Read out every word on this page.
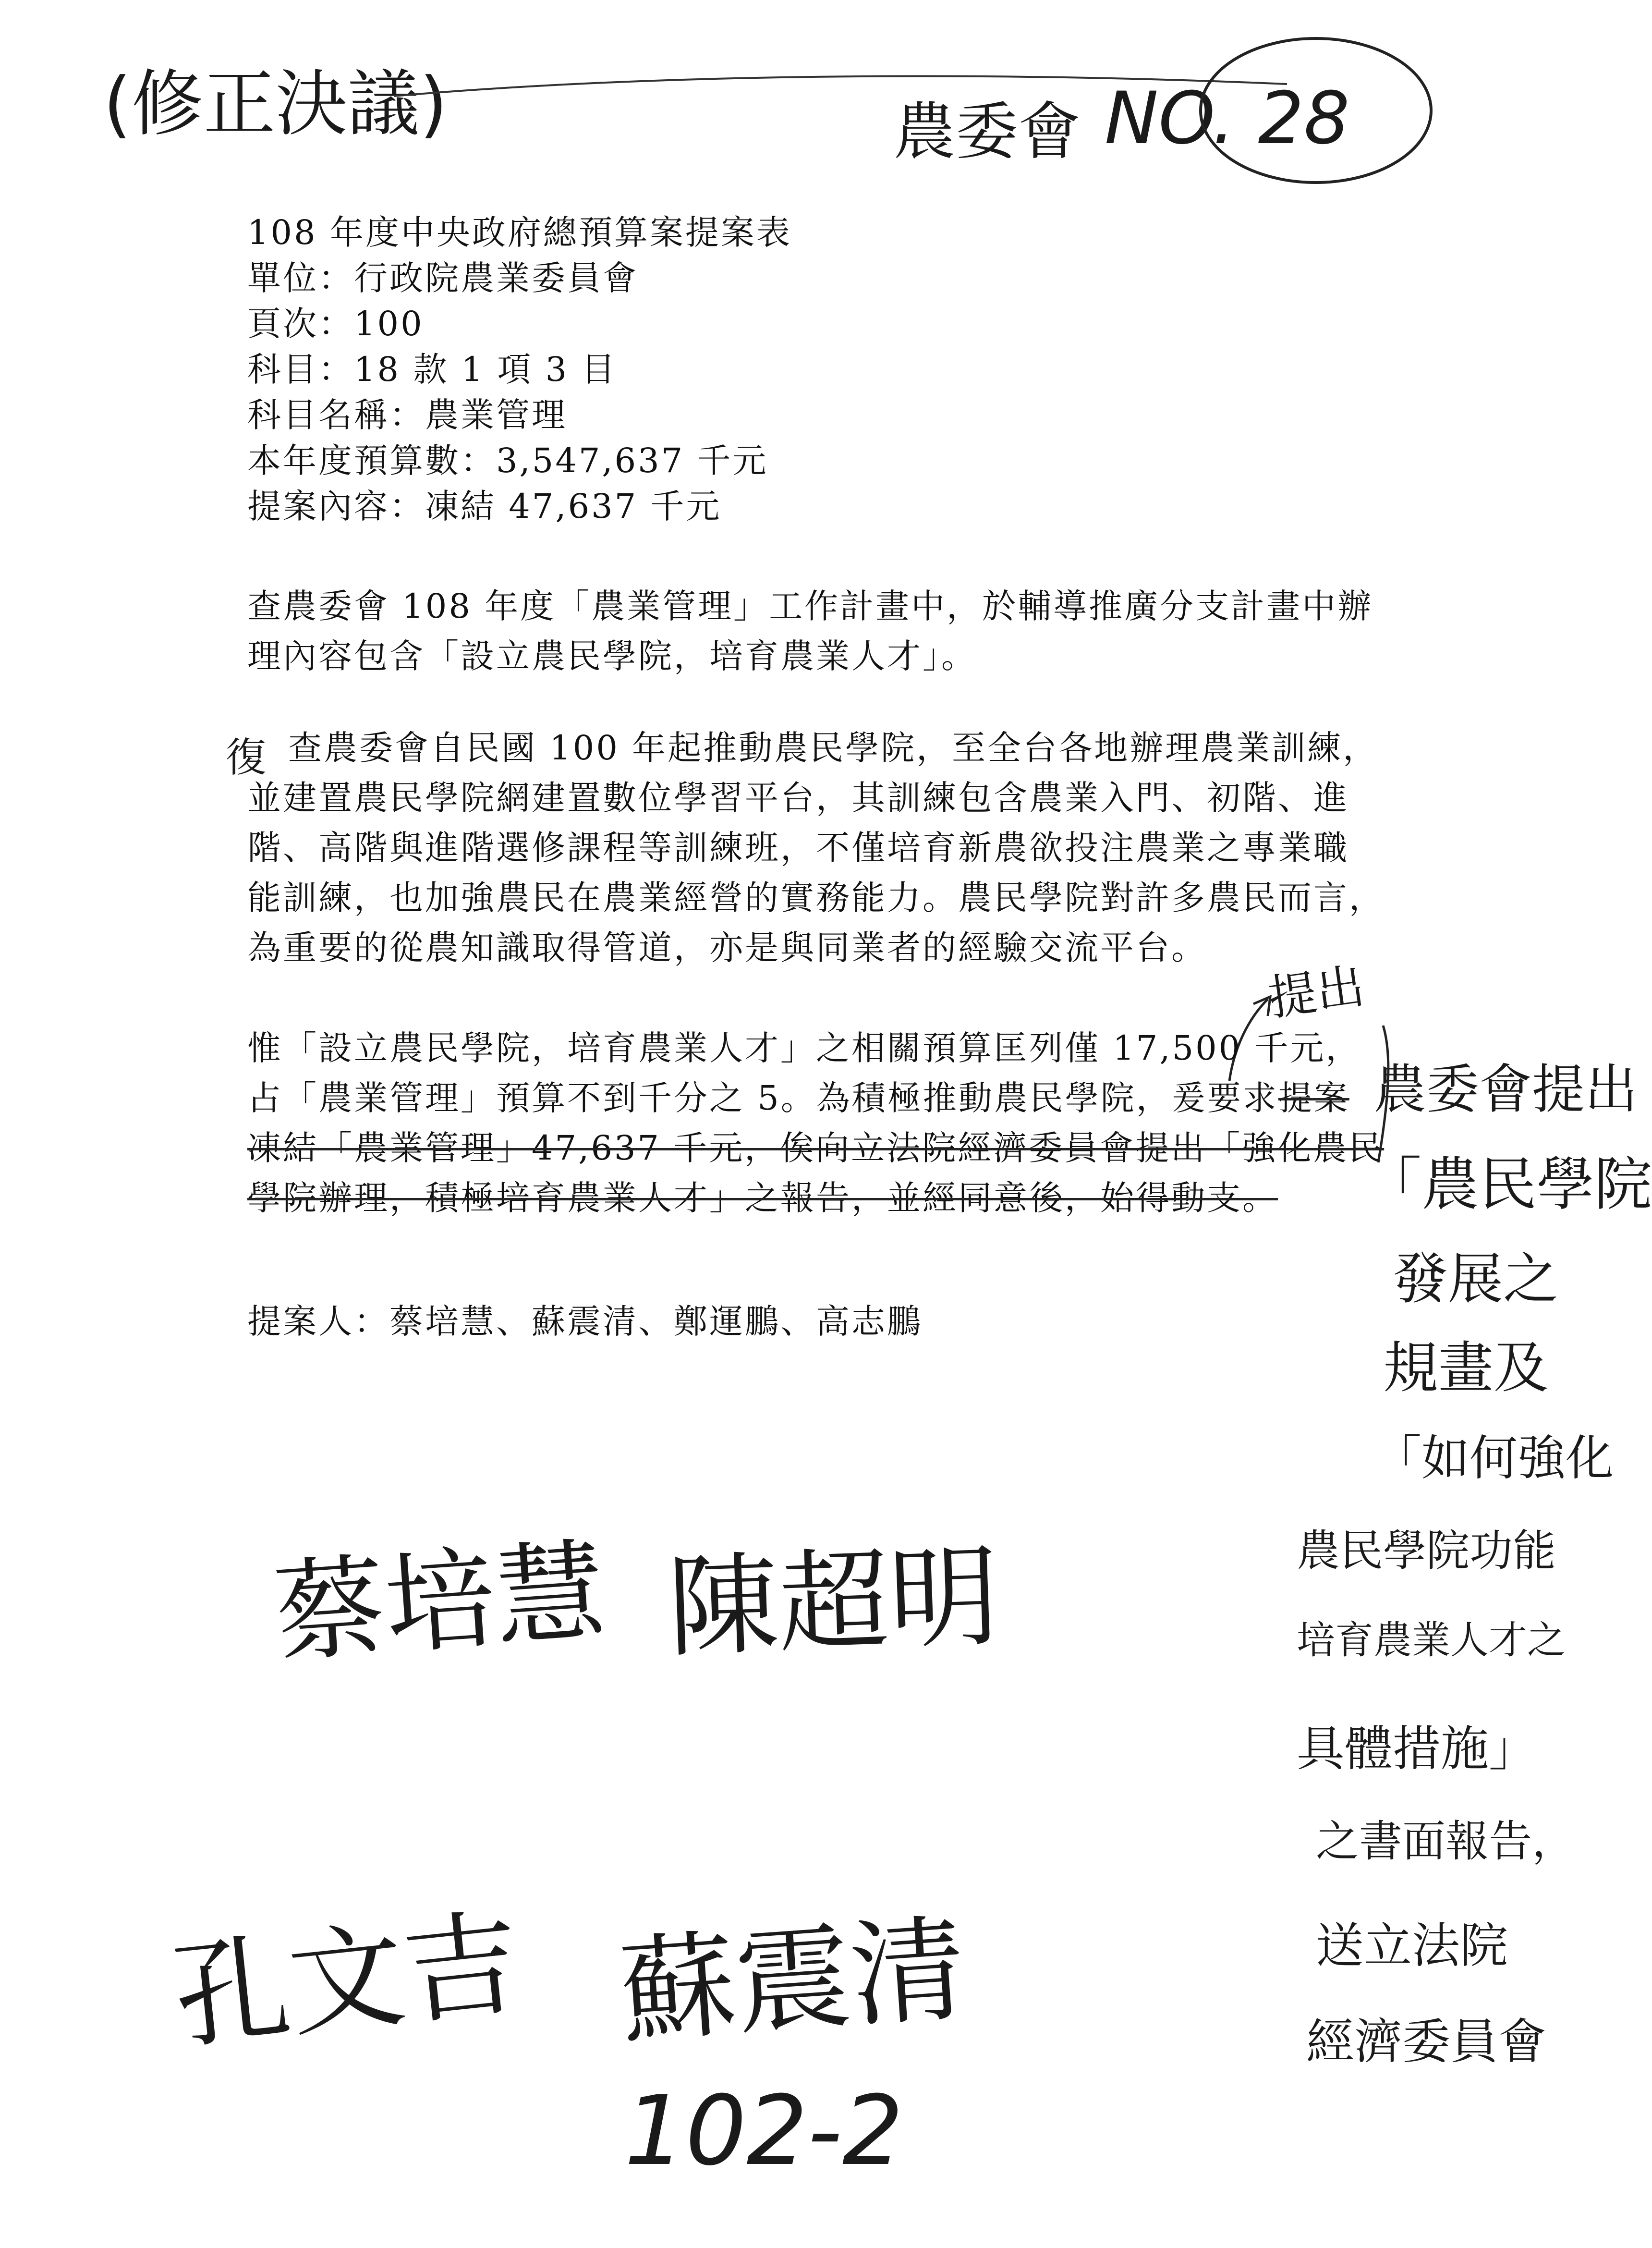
(修正決議)	農委會 NO. 28
108 年度中央政府總預算案提案表
單位：行政院農業委員會
頁次：100
科目：18 款 1 項 3 目
科目名稱：農業管理
本年度預算數：3,547,637 千元
提案內容：凍結 47,637 千元
查農委會 108 年度「農業管理」工作計畫中，於輔導推廣分支計畫中辦
理內容包含「設立農民學院，培育農業人才」。
復 查農委會自民國 100 年起推動農民學院，至全台各地辦理農業訓練，
並建置農民學院網建置數位學習平台，其訓練包含農業入門、初階、進
階、高階與進階選修課程等訓練班，不僅培育新農欲投注農業之專業職
能訓練，也加強農民在農業經營的實務能力。農民學院對許多農民而言，
為重要的從農知識取得管道，亦是與同業者的經驗交流平台。
提出
惟「設立農民學院，培育農業人才」之相關預算匡列僅 17,500 千元，
占「農業管理」預算不到千分之 5。為積極推動農民學院，爰要求提案
凍結「農業管理」47,637 千元，俟向立法院經濟委員會提出「強化農民
學院辦理，積極培育農業人才」之報告，並經同意後，始得動支。
提案人：蔡培慧、蘇震清、鄭運鵬、高志鵬
農委會提出
「農民學院
發展之
規畫及
「如何強化
農民學院功能
培育農業人才之
具體措施」
之書面報告，
送立法院
經濟委員會
蔡培慧 陳超明
孔文吉 蘇震清
102-2
